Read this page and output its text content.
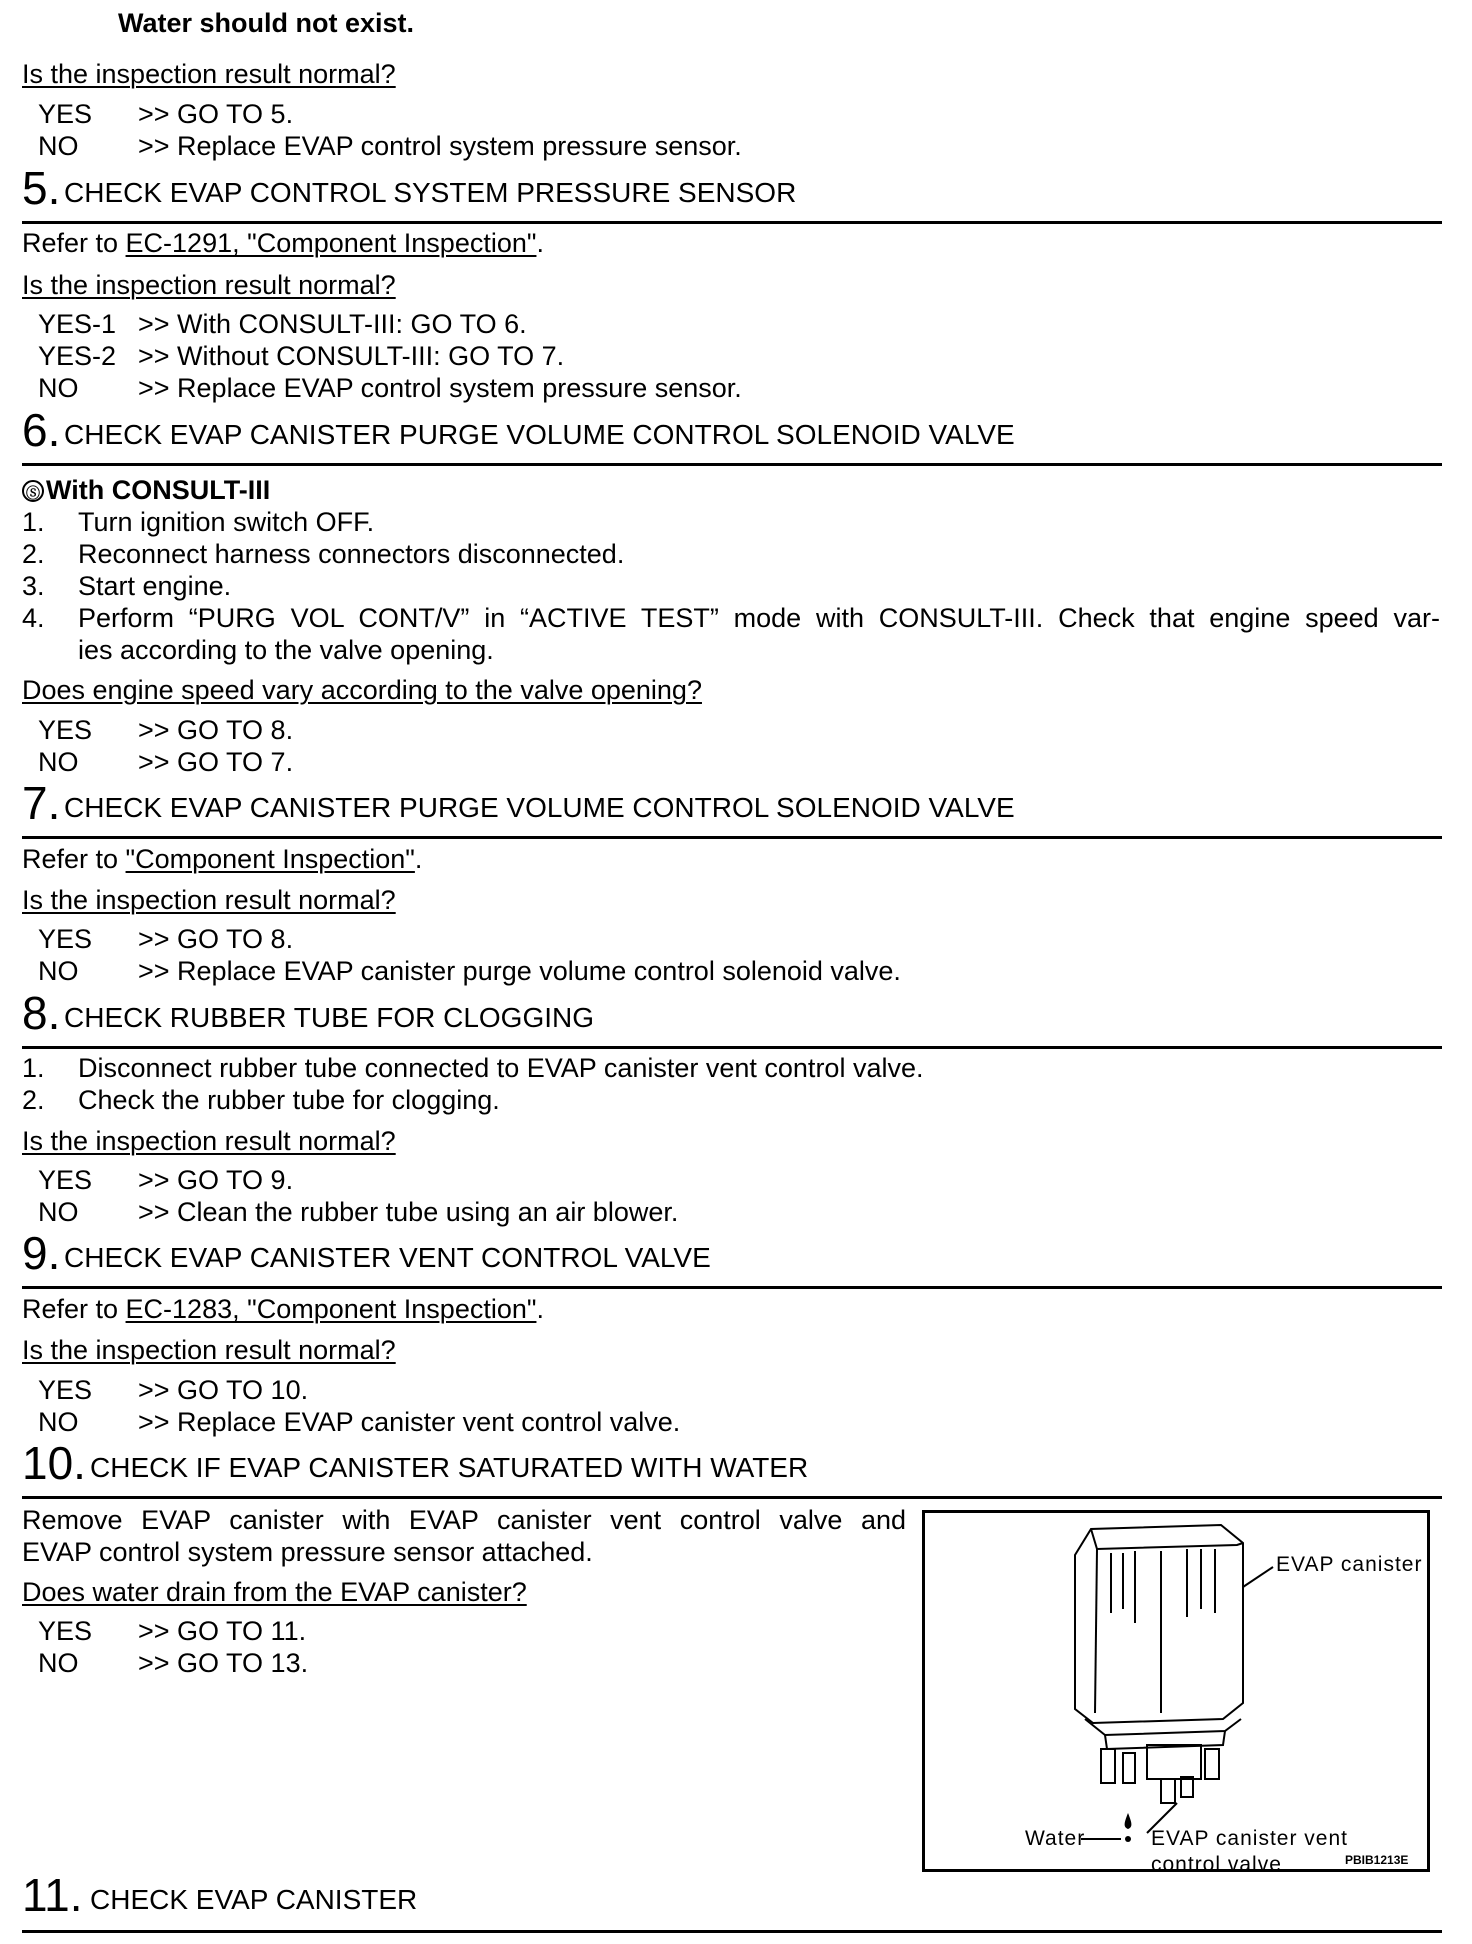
Water should not exist.
Is the inspection result normal?
YES >> GO TO 5.
NO >> Replace EVAP control system pressure sensor.
5. CHECK EVAP CONTROL SYSTEM PRESSURE SENSOR
Refer to EC-1291, "Component Inspection".
Is the inspection result normal?
YES-1 >> With CONSULT-III: GO TO 6.
YES-2 >> Without CONSULT-III: GO TO 7.
NO >> Replace EVAP control system pressure sensor.
6. CHECK EVAP CANISTER PURGE VOLUME CONTROL SOLENOID VALVE
Ⓢ With CONSULT-III
1. Turn ignition switch OFF.
2. Reconnect harness connectors disconnected.
3. Start engine.
4. Perform “PURG VOL CONT/V” in “ACTIVE TEST” mode with CONSULT-III. Check that engine speed var-
ies according to the valve opening.
Does engine speed vary according to the valve opening?
YES >> GO TO 8.
NO >> GO TO 7.
7. CHECK EVAP CANISTER PURGE VOLUME CONTROL SOLENOID VALVE
Refer to "Component Inspection".
Is the inspection result normal?
YES >> GO TO 8.
NO >> Replace EVAP canister purge volume control solenoid valve.
8. CHECK RUBBER TUBE FOR CLOGGING
1. Disconnect rubber tube connected to EVAP canister vent control valve.
2. Check the rubber tube for clogging.
Is the inspection result normal?
YES >> GO TO 9.
NO >> Clean the rubber tube using an air blower.
9. CHECK EVAP CANISTER VENT CONTROL VALVE
Refer to EC-1283, "Component Inspection".
Is the inspection result normal?
YES >> GO TO 10.
NO >> Replace EVAP canister vent control valve.
10. CHECK IF EVAP CANISTER SATURATED WITH WATER
Remove EVAP canister with EVAP canister vent control valve and
EVAP control system pressure sensor attached.
Does water drain from the EVAP canister?
YES >> GO TO 11.
NO >> GO TO 13.
EVAP canister
Water	EVAP canister vent
control valve	PBIB1213E
11. CHECK EVAP CANISTER
